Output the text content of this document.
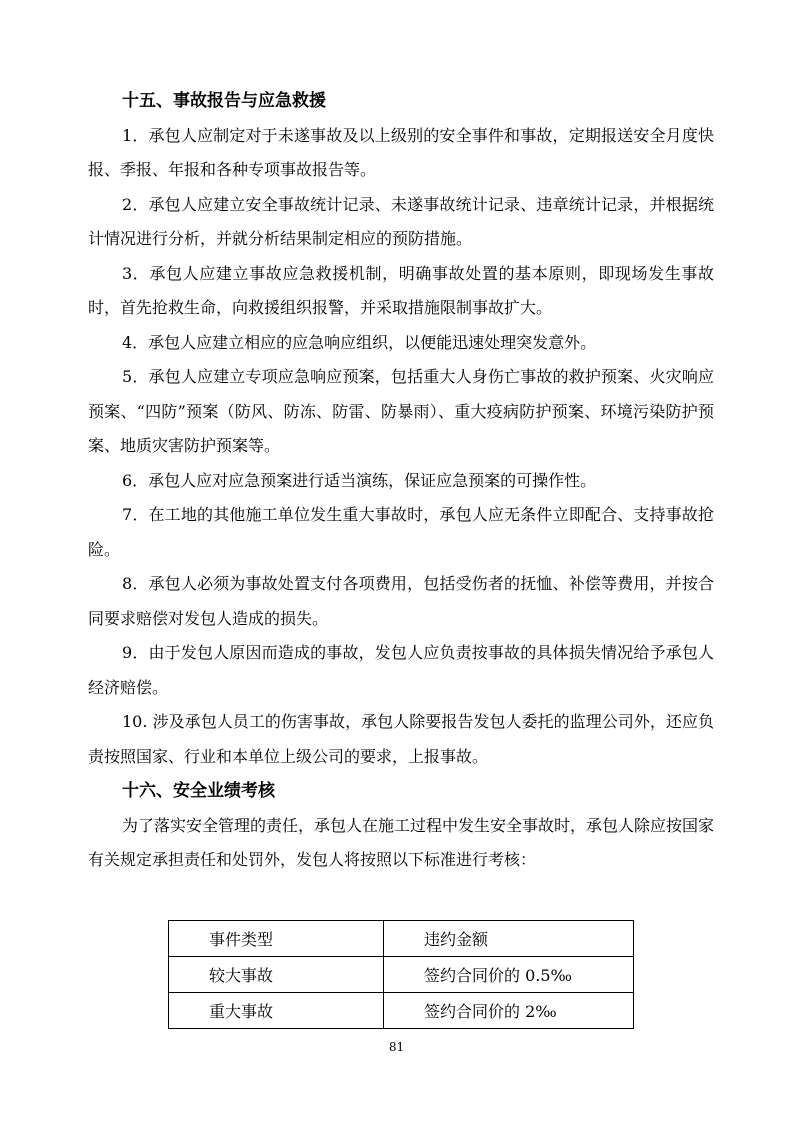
十五、事故报告与应急救援

1．承包人应制定对于未遂事故及以上级别的安全事件和事故，定期报送安全月度快报、季报、年报和各种专项事故报告等。

2．承包人应建立安全事故统计记录、未遂事故统计记录、违章统计记录，并根据统计情况进行分析，并就分析结果制定相应的预防措施。

3．承包人应建立事故应急救援机制，明确事故处置的基本原则，即现场发生事故时，首先抢救生命，向救援组织报警，并采取措施限制事故扩大。

4．承包人应建立相应的应急响应组织，以便能迅速处理突发意外。

5．承包人应建立专项应急响应预案，包括重大人身伤亡事故的救护预案、火灾响应预案、“四防”预案（防风、防冻、防雷、防暴雨）、重大疫病防护预案、环境污染防护预案、地质灾害防护预案等。

6．承包人应对应急预案进行适当演练，保证应急预案的可操作性。

7．在工地的其他施工单位发生重大事故时，承包人应无条件立即配合、支持事故抢险。

8．承包人必须为事故处置支付各项费用，包括受伤者的抚恤、补偿等费用，并按合同要求赔偿对发包人造成的损失。

9．由于发包人原因而造成的事故，发包人应负责按事故的具体损失情况给予承包人经济赔偿。

10. 涉及承包人员工的伤害事故，承包人除要报告发包人委托的监理公司外，还应负责按照国家、行业和本单位上级公司的要求，上报事故。

十六、安全业绩考核

为了落实安全管理的责任，承包人在施工过程中发生安全事故时，承包人除应按国家有关规定承担责任和处罚外，发包人将按照以下标准进行考核：

事件类型	违约金额
较大事故	签约合同价的 0.5‰
重大事故	签约合同价的 2‰
81
